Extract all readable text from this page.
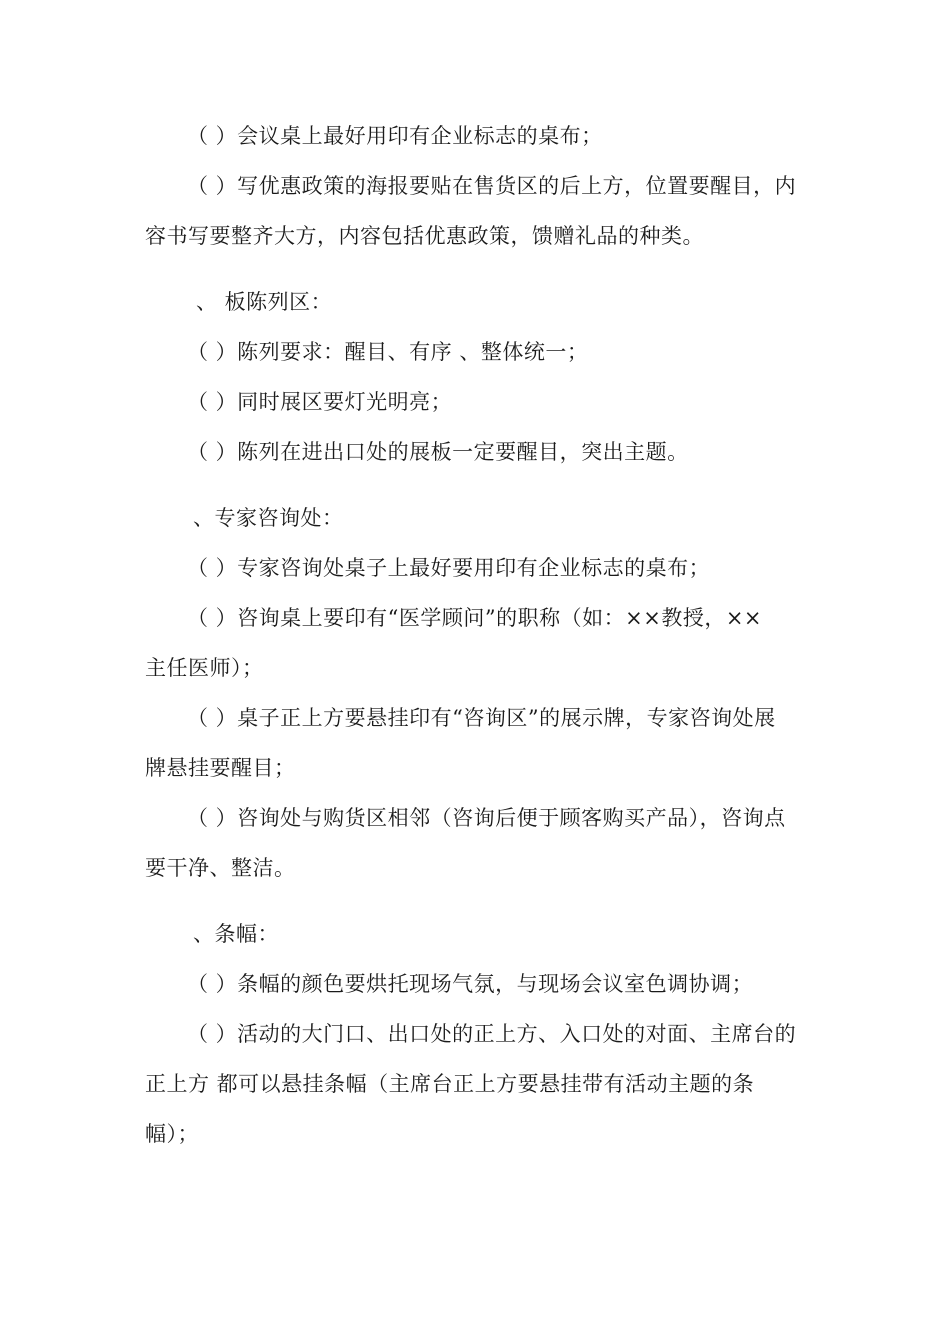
（ ）会议桌上最好用印有企业标志的桌布；
（ ）写优惠政策的海报要贴在售货区的后上方，位置要醒目，内
容书写要整齐大方，内容包括优惠政策，馈赠礼品的种类。
、 板陈列区：
（ ）陈列要求：醒目、有序 、整体统一；
（ ）同时展区要灯光明亮；
（ ）陈列在进出口处的展板一定要醒目，突出主题。
、专家咨询处：
（ ）专家咨询处桌子上最好要用印有企业标志的桌布；
（ ）咨询桌上要印有“医学顾问”的职称（如：××教授，××
主任医师）；
（ ）桌子正上方要悬挂印有“咨询区”的展示牌，专家咨询处展
牌悬挂要醒目；
（ ）咨询处与购货区相邻（咨询后便于顾客购买产品），咨询点
要干净、整洁。
、条幅：
（ ）条幅的颜色要烘托现场气氛，与现场会议室色调协调；
（ ）活动的大门口、出口处的正上方、入口处的对面、主席台的
正上方 都可以悬挂条幅（主席台正上方要悬挂带有活动主题的条
幅）；
